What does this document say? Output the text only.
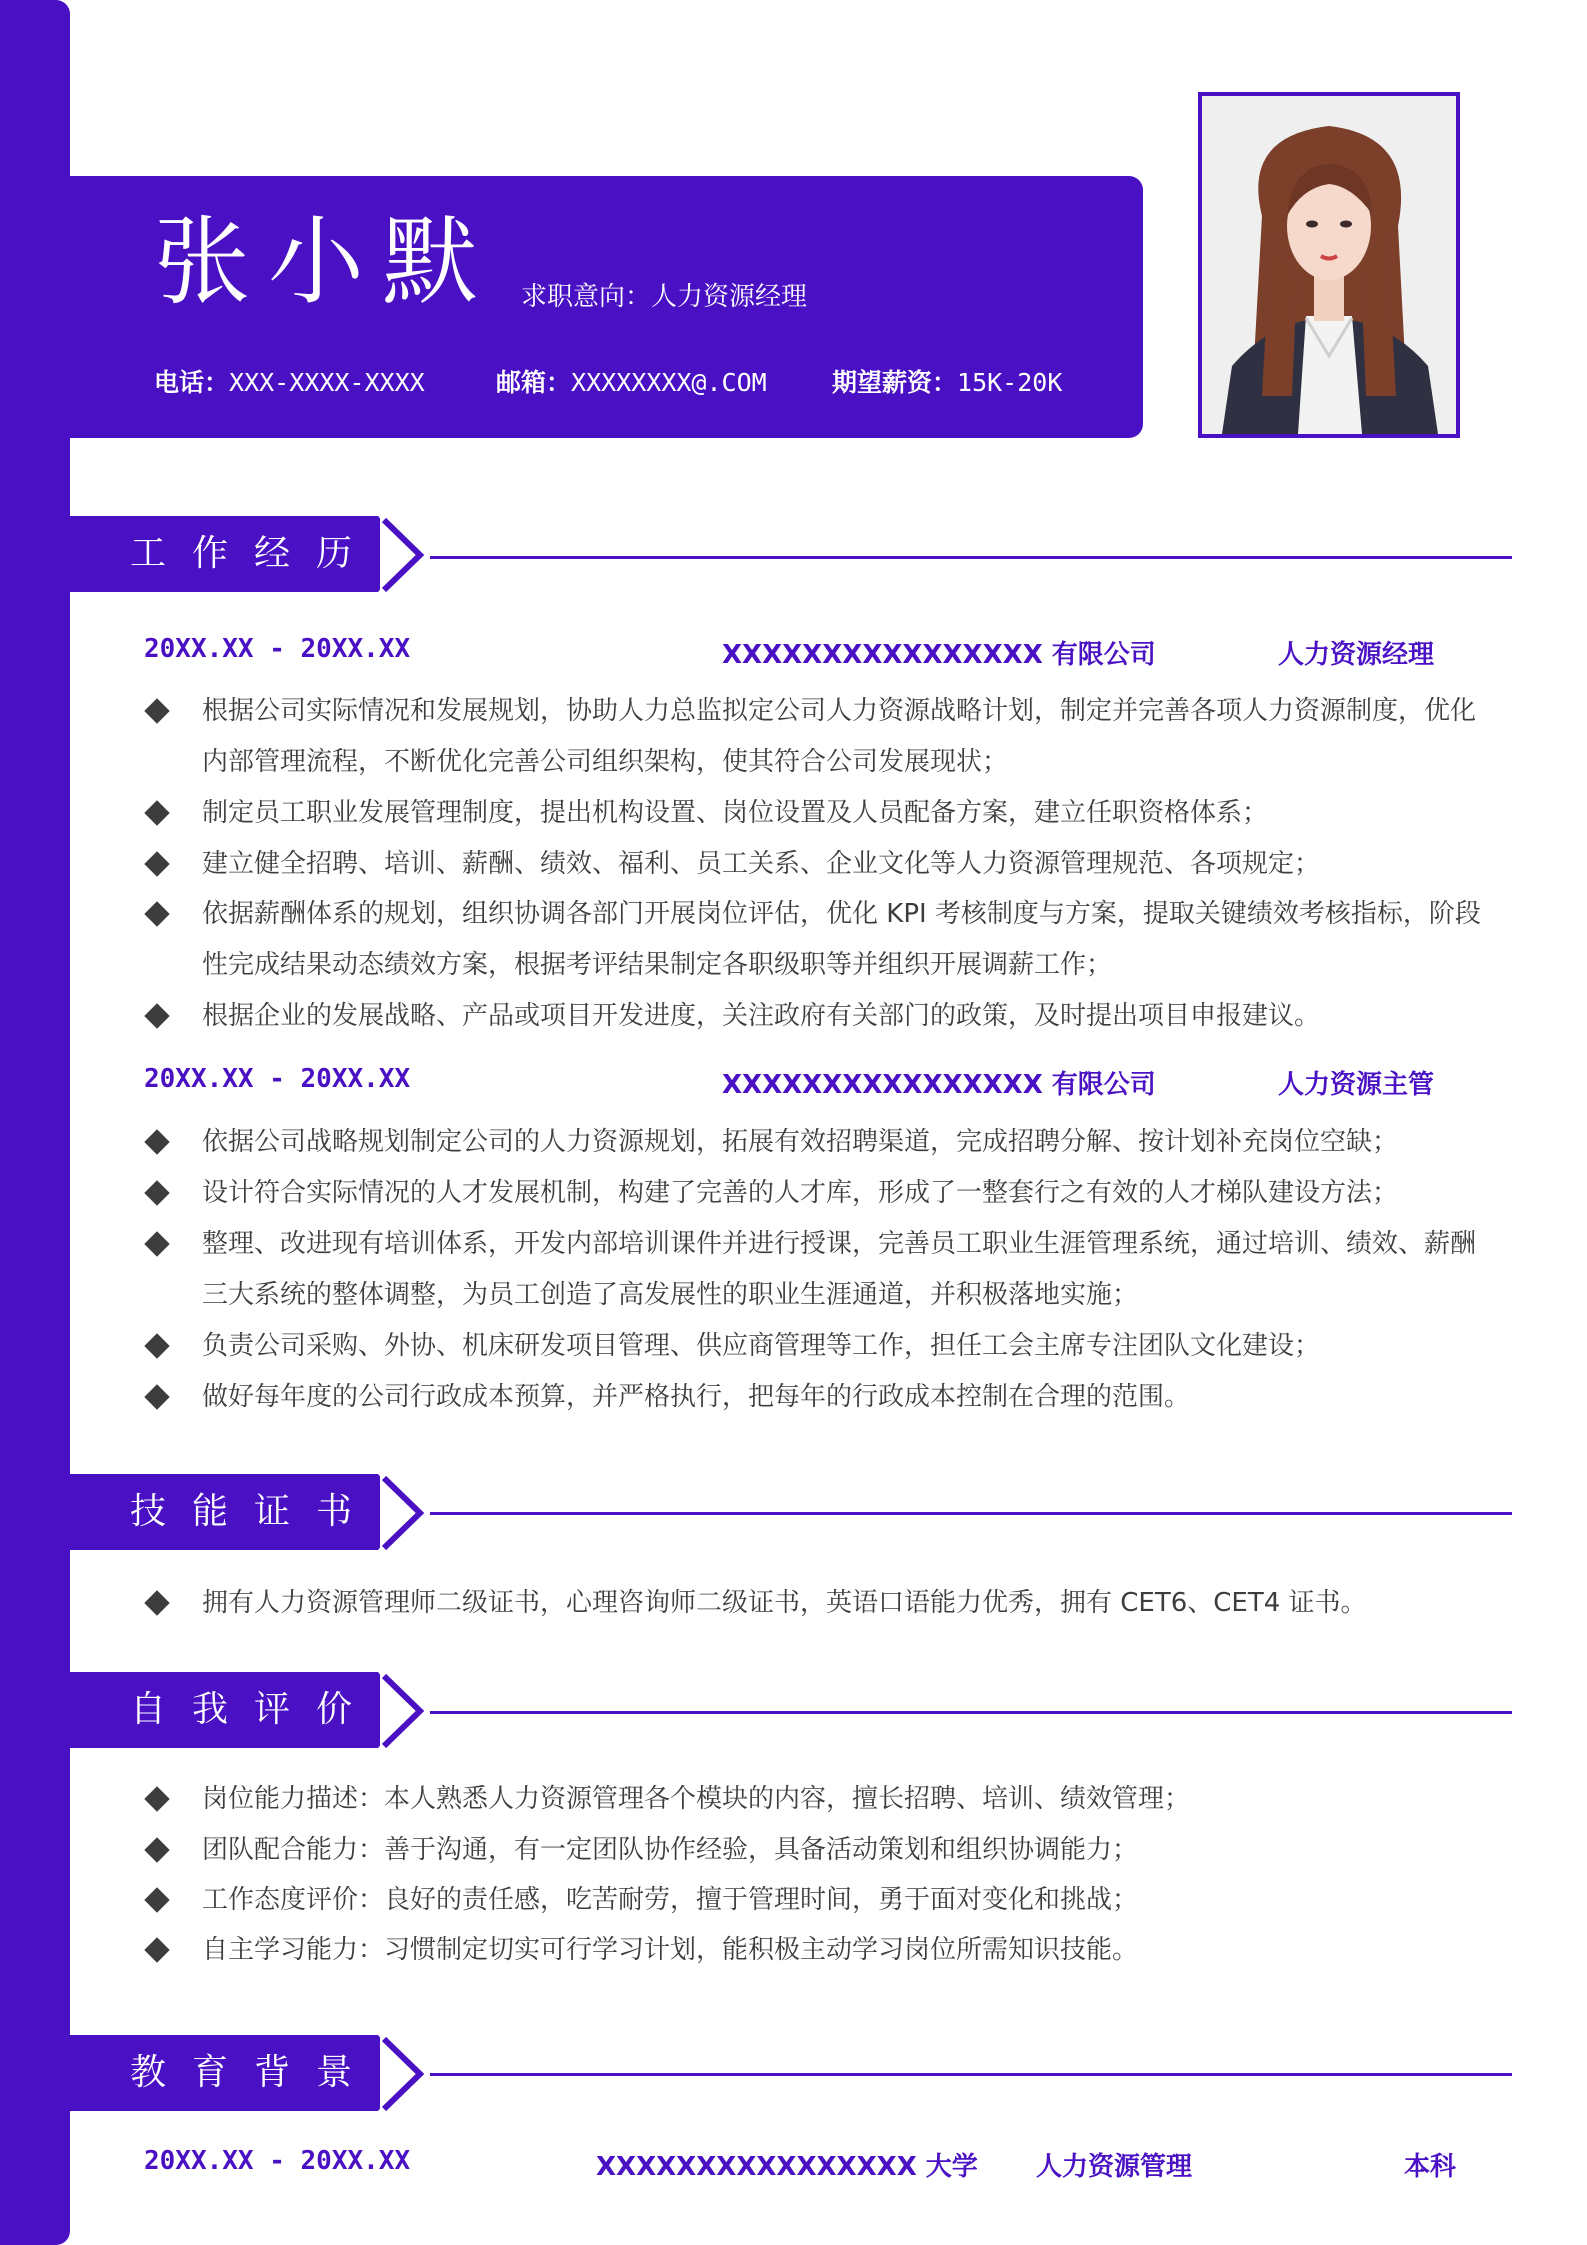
张小默 求职意向：人力资源经理
电话：XXX-XXXX-XXXX	邮箱：XXXXXXXX@.COM	期望薪资：15K-20K
工作经历
20XX.XX - 20XX.XX	XXXXXXXXXXXXXXXX 有限公司	人力资源经理
根据公司实际情况和发展规划，协助人力总监拟定公司人力资源战略计划，制定并完善各项人力资源制度，优化内部管理流程，不断优化完善公司组织架构，使其符合公司发展现状；
制定员工职业发展管理制度，提出机构设置、岗位设置及人员配备方案，建立任职资格体系；
建立健全招聘、培训、薪酬、绩效、福利、员工关系、企业文化等人力资源管理规范、各项规定；
依据薪酬体系的规划，组织协调各部门开展岗位评估，优化 KPI 考核制度与方案，提取关键绩效考核指标，阶段性完成结果动态绩效方案，根据考评结果制定各职级职等并组织开展调薪工作；
根据企业的发展战略、产品或项目开发进度，关注政府有关部门的政策，及时提出项目申报建议。
20XX.XX - 20XX.XX	XXXXXXXXXXXXXXXX 有限公司	人力资源主管
依据公司战略规划制定公司的人力资源规划，拓展有效招聘渠道，完成招聘分解、按计划补充岗位空缺；
设计符合实际情况的人才发展机制，构建了完善的人才库，形成了一整套行之有效的人才梯队建设方法；
整理、改进现有培训体系，开发内部培训课件并进行授课，完善员工职业生涯管理系统，通过培训、绩效、薪酬三大系统的整体调整，为员工创造了高发展性的职业生涯通道，并积极落地实施；
负责公司采购、外协、机床研发项目管理、供应商管理等工作，担任工会主席专注团队文化建设；
做好每年度的公司行政成本预算，并严格执行，把每年的行政成本控制在合理的范围。
技能证书
拥有人力资源管理师二级证书，心理咨询师二级证书，英语口语能力优秀，拥有 CET6、CET4 证书。
自我评价
岗位能力描述：本人熟悉人力资源管理各个模块的内容，擅长招聘、培训、绩效管理；
团队配合能力：善于沟通，有一定团队协作经验，具备活动策划和组织协调能力；
工作态度评价：良好的责任感，吃苦耐劳，擅于管理时间，勇于面对变化和挑战；
自主学习能力：习惯制定切实可行学习计划，能积极主动学习岗位所需知识技能。
教育背景
20XX.XX - 20XX.XX	XXXXXXXXXXXXXXXX 大学 人力资源管理	本科
